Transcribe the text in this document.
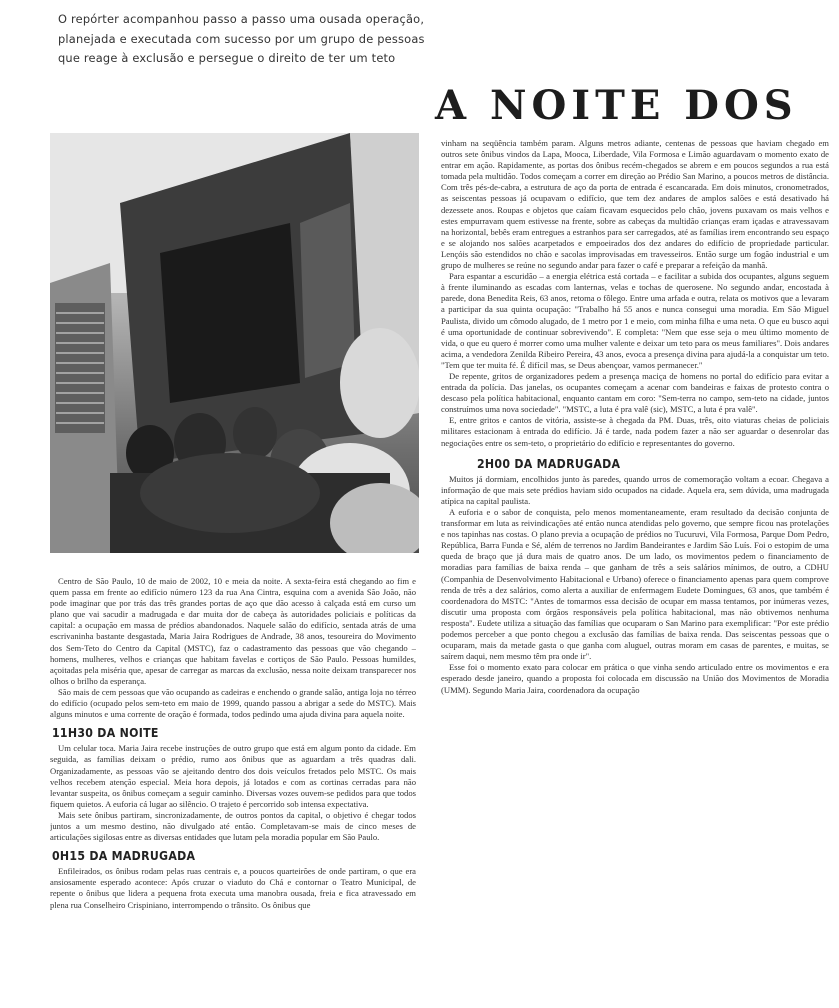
O repórter acompanhou passo a passo uma ousada operação,
planejada e executada com sucesso por um grupo de pessoas
que reage à exclusão e persegue o direito de ter um teto
A NOITE DOS

Centro de São Paulo, 10 de maio de 2002, 10 e meia da noite. A sexta-feira está chegando ao fim e quem passa em frente ao edifício número 123 da rua Ana Cintra, esquina com a avenida São João, não pode imaginar que por trás das três grandes portas de aço que dão acesso à calçada está em curso um plano que vai sacudir a madrugada e dar muita dor de cabeça às autoridades policiais e políticas da capital: a ocupação em massa de prédios abandonados. Naquele salão do edifício, sentada atrás de uma escrivaninha bastante desgastada, Maria Jaira Rodrigues de Andrade, 38 anos, tesoureira do Movimento dos Sem-Teto do Centro da Capital (MSTC), faz o cadastramento das pessoas que vão chegando – homens, mulheres, velhos e crianças que habitam favelas e cortiços de São Paulo. Pessoas humildes, açoitadas pela miséria que, apesar de carregar as marcas da exclusão, nessa noite deixam transparecer nos olhos o brilho da esperança.

São mais de cem pessoas que vão ocupando as cadeiras e enchendo o grande salão, antiga loja no térreo do edifício (ocupado pelos sem-teto em maio de 1999, quando passou a abrigar a sede do MSTC). Mais alguns minutos e uma corrente de oração é formada, todos pedindo uma ajuda divina para aquela noite.

11H30 DA NOITE

Um celular toca. Maria Jaira recebe instruções de outro grupo que está em algum ponto da cidade. Em seguida, as famílias deixam o prédio, rumo aos ônibus que as aguardam a três quadras dali. Organizadamente, as pessoas vão se ajeitando dentro dos dois veículos fretados pelo MSTC. Os mais velhos recebem atenção especial. Meia hora depois, já lotados e com as cortinas cerradas para não levantar suspeita, os ônibus começam a seguir caminho. Diversas vozes ouvem-se pedidos para que todos fiquem quietos. A euforia cá lugar ao silêncio. O trajeto é percorrido sob intensa expectativa.

Mais sete ônibus partiram, sincronizadamente, de outros pontos da capital, o objetivo é chegar todos juntos a um mesmo destino, não divulgado até então. Completavam-se mais de cinco meses de articulações sigilosas entre as diversas entidades que lutam pela moradia popular em São Paulo.

0H15 DA MADRUGADA

Enfileirados, os ônibus rodam pelas ruas centrais e, a poucos quarteirões de onde partiram, o que era ansiosamente esperado acontece: Após cruzar o viaduto do Chá e contornar o Teatro Municipal, de repente o ônibus que lidera a pequena frota executa uma manobra ousada, freia e fica atravessado em plena rua Conselheiro Crispiniano, interrompendo o trânsito. Os ônibus que

vinham na seqüência também param. Alguns metros adiante, centenas de pessoas que haviam chegado em outros sete ônibus vindos da Lapa, Mooca, Liberdade, Vila Formosa e Limão aguardavam o momento exato de entrar em ação. Rapidamente, as portas dos ônibus recém-chegados se abrem e em poucos segundos a rua está tomada pela multidão. Todos começam a correr em direção ao Prédio San Marino, a poucos metros de distância. Com três pés-de-cabra, a estrutura de aço da porta de entrada é escancarada. Em dois minutos, cronometrados, as seiscentas pessoas já ocupavam o edifício, que tem dez andares de amplos salões e está desativado há dezessete anos. Roupas e objetos que caíam ficavam esquecidos pelo chão, jovens puxavam os mais velhos e estes empurravam quem estivesse na frente, sobre as cabeças da multidão crianças eram içadas e atravessavam na horizontal, bebês eram entregues a estranhos para ser carregados, até as famílias irem encontrando seu espaço e se alojando nos salões acarpetados e empoeirados dos dez andares do edifício de propriedade particular. Lençóis são estendidos no chão e sacolas improvisadas em travesseiros. Então surge um fogão industrial e um grupo de mulheres se reúne no segundo andar para fazer o café e preparar a refeição da manhã.

Para espantar a escuridão – a energia elétrica está cortada – e facilitar a subida dos ocupantes, alguns seguem à frente iluminando as escadas com lanternas, velas e tochas de querosene. No segundo andar, encostada à parede, dona Benedita Reis, 63 anos, retoma o fôlego. Entre uma arfada e outra, relata os motivos que a levaram a participar da sua quinta ocupação: "Trabalho há 55 anos e nunca consegui uma moradia. Em São Miguel Paulista, divido um cômodo alugado, de 1 metro por 1 e meio, com minha filha e uma neta. O que eu busco aqui é uma oportunidade de continuar sobrevivendo". E completa: "Nem que esse seja o meu último momento de vida, o que eu quero é morrer como uma mulher valente e deixar um teto para os meus familiares". Dois andares acima, a vendedora Zenilda Ribeiro Pereira, 43 anos, evoca a presença divina para ajudá-la a conquistar um teto. "Tem que ter muita fé. É difícil mas, se Deus abençoar, vamos permanecer."

De repente, gritos de organizadores pedem a presença maciça de homens no portal do edifício para evitar a entrada da polícia. Das janelas, os ocupantes começam a acenar com bandeiras e faixas de protesto contra o descaso pela política habitacional, enquanto cantam em coro: "Sem-terra no campo, sem-teto na cidade, juntos construímos uma nova sociedade". "MSTC, a luta é pra valê (sic), MSTC, a luta é pra valê".

E, entre gritos e cantos de vitória, assiste-se à chegada da PM. Duas, três, oito viaturas cheias de policiais militares estacionam à entrada do edifício. Já é tarde, nada podem fazer a não ser aguardar o desenrolar das negociações entre os sem-teto, o proprietário do edifício e representantes do governo.

2H00 DA MADRUGADA

Muitos já dormiam, encolhidos junto às paredes, quando urros de comemoração voltam a ecoar. Chegava a informação de que mais sete prédios haviam sido ocupados na cidade. Aquela era, sem dúvida, uma madrugada atípica na capital paulista.

A euforia e o sabor de conquista, pelo menos momentaneamente, eram resultado da decisão conjunta de transformar em luta as reivindicações até então nunca atendidas pelo governo, que sempre ficou nas protelações e nos tapinhas nas costas. O plano previa a ocupação de prédios no Tucuruvi, Vila Formosa, Parque Dom Pedro, República, Barra Funda e Sé, além de terrenos no Jardim Bandeirantes e Jardim São Luís. Foi o estopim de uma queda de braço que já dura mais de quatro anos. De um lado, os movimentos pedem o financiamento de moradias para famílias de baixa renda – que ganham de três a seis salários mínimos, de outro, a CDHU (Companhia de Desenvolvimento Habitacional e Urbano) oferece o financiamento apenas para quem comprove renda de três a dez salários, como alerta a auxiliar de enfermagem Eudete Domingues, 63 anos, que também é coordenadora do MSTC: "Antes de tomarmos essa decisão de ocupar em massa tentamos, por inúmeras vezes, discutir uma proposta com órgãos responsáveis pela política habitacional, mas não obtivemos nenhuma resposta". Eudete utiliza a situação das famílias que ocuparam o San Marino para exemplificar: "Por este prédio podemos perceber a que ponto chegou a exclusão das famílias de baixa renda. Das seiscentas pessoas que o ocuparam, mais da metade gasta o que ganha com aluguel, outras moram em casas de parentes, e muitas, se saírem daqui, nem mesmo têm pra onde ir".

Esse foi o momento exato para colocar em prática o que vinha sendo articulado entre os movimentos e era esperado desde janeiro, quando a proposta foi colocada em discussão na União dos Movimentos de Moradia (UMM). Segundo Maria Jaira, coordenadora da ocupação
